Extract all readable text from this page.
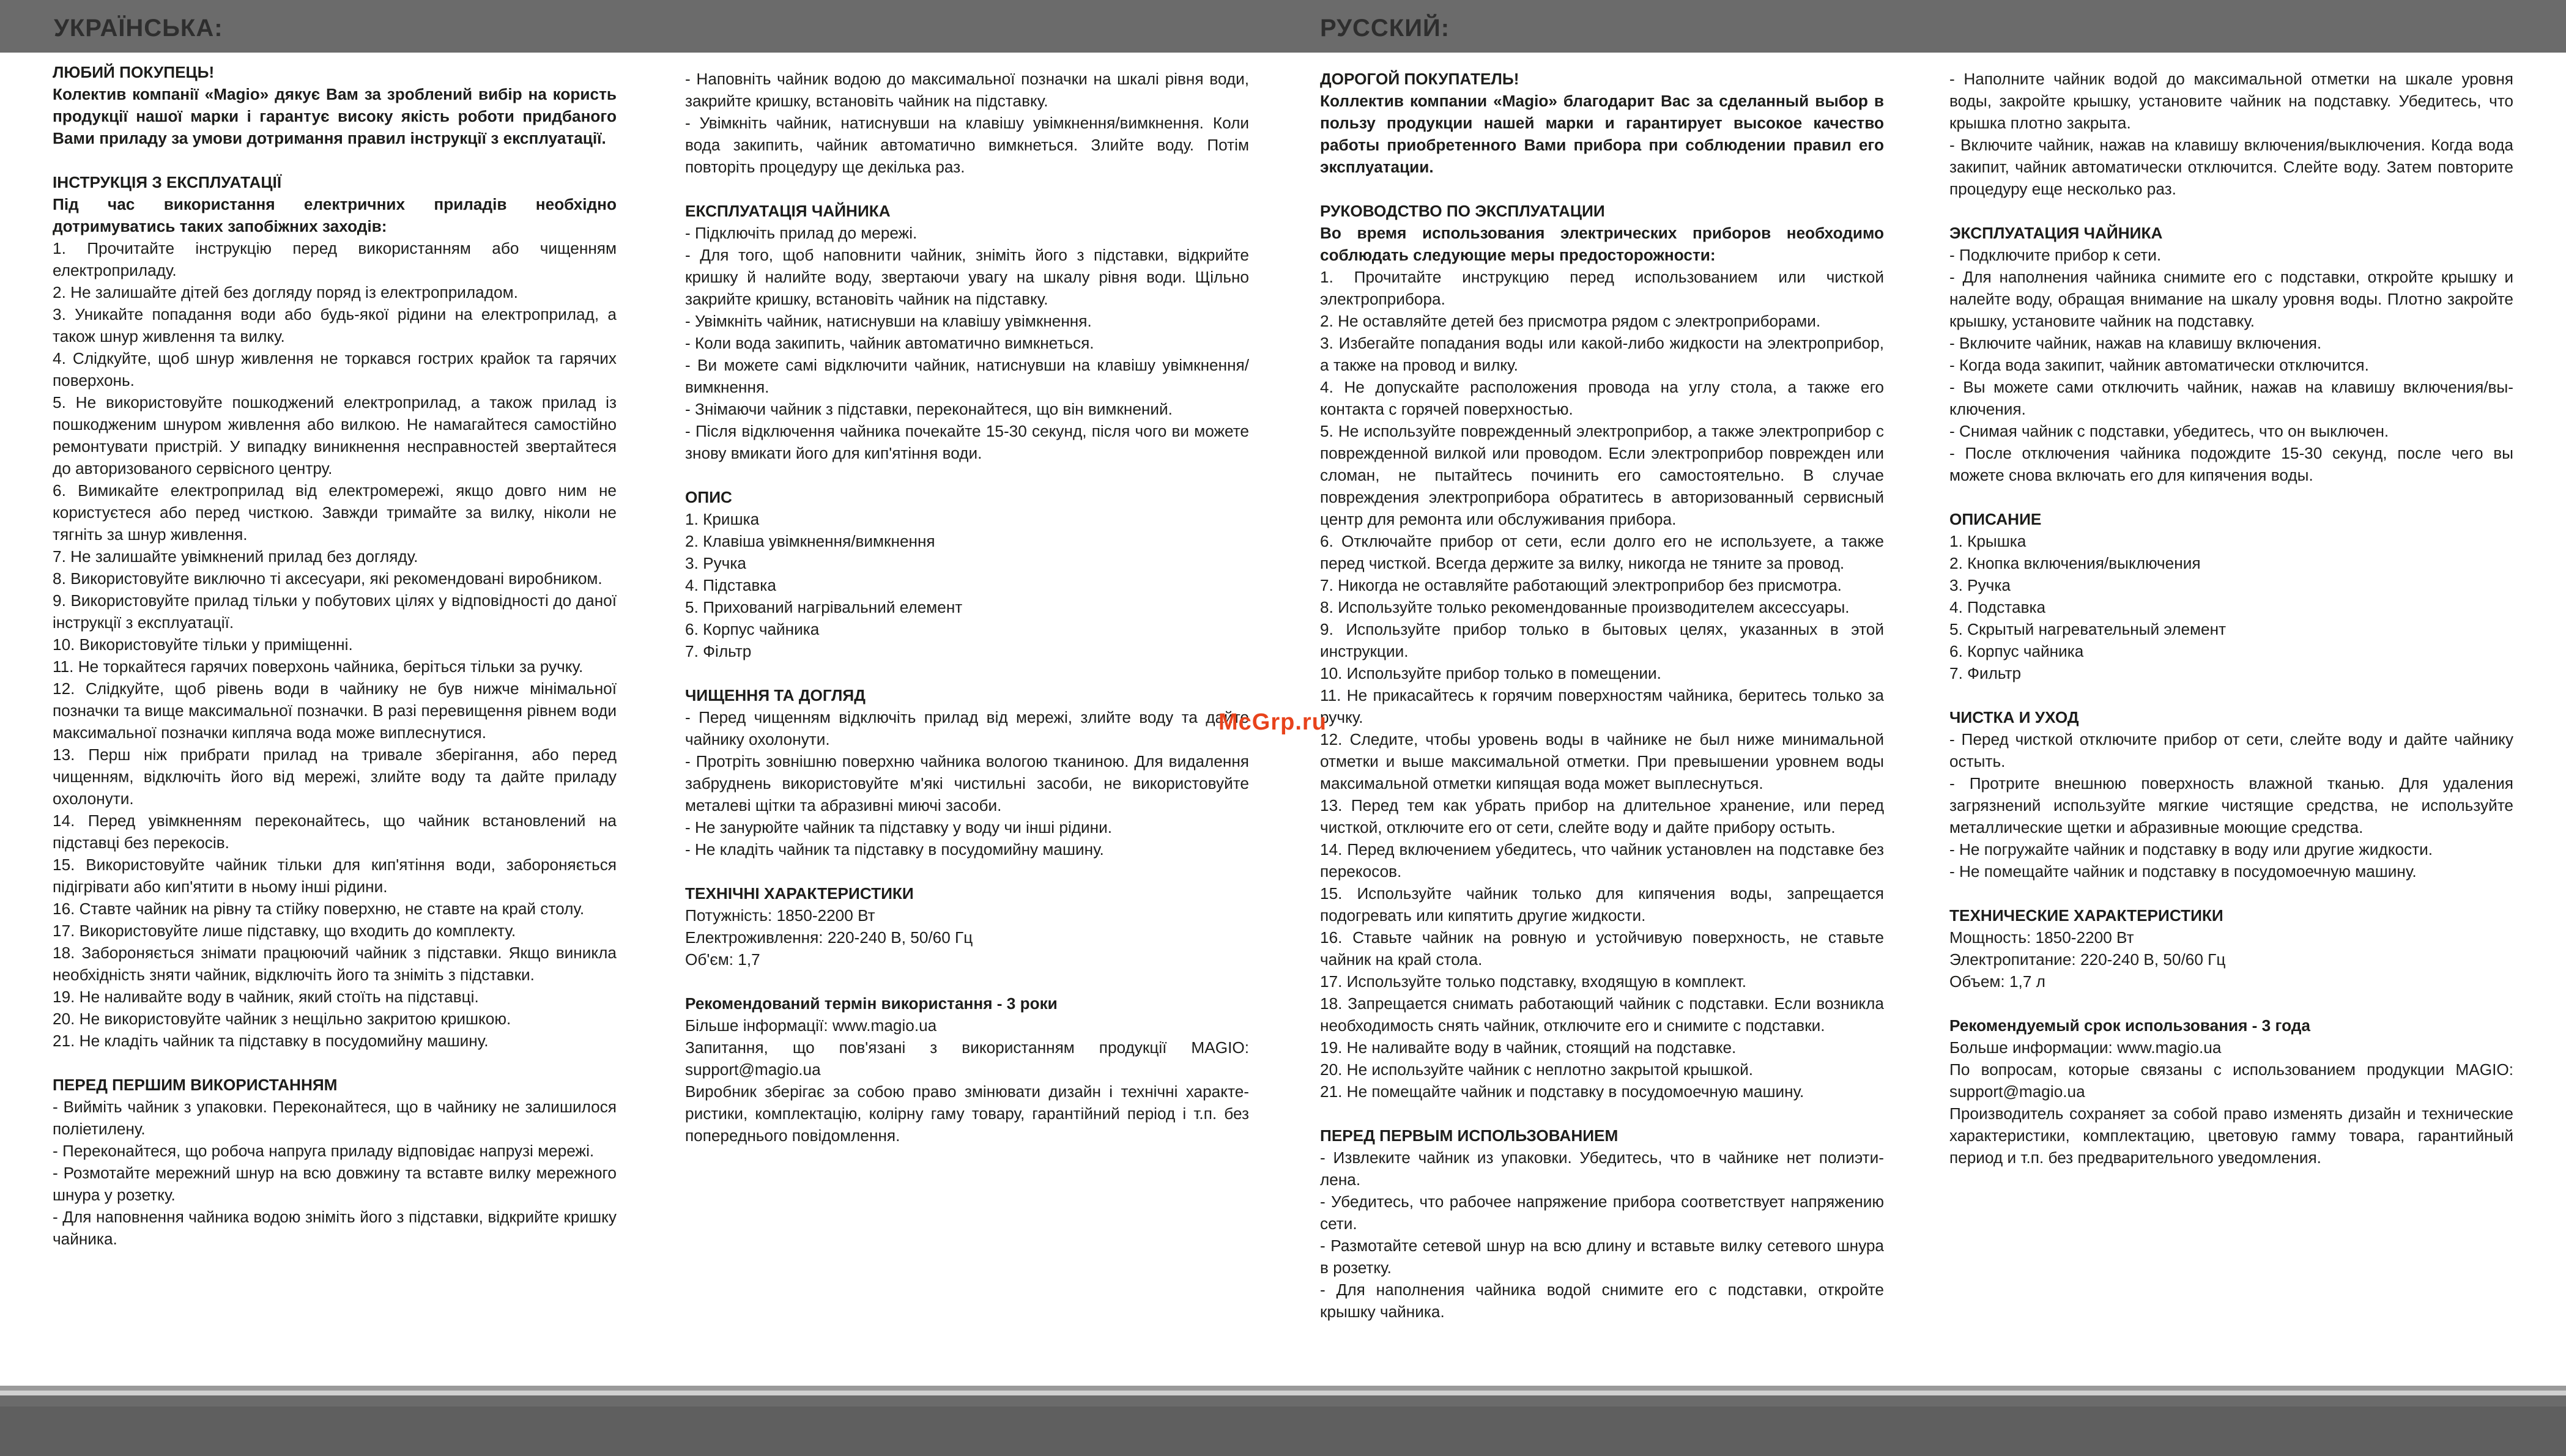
УКРАЇНСЬКА:	РУССКИЙ:

ЛЮБИЙ ПОКУПЕЦЬ!

Колектив компанії «Magio» дякує Вам за зроблений вибір на користь продукції нашої марки і гарантує високу якість роботи придбаного Вами приладу за умови дотримання правил інструкції з експлуатації.

ІНСТРУКЦІЯ З ЕКСПЛУАТАЦІЇ

Під час використання електричних приладів необхідно дотримуватись таких запобіжних заходів:

1. Прочитайте інструкцію перед використанням або чищенням електроприладу.

2. Не залишайте дітей без догляду поряд із електроприладом.

3. Уникайте попадання води або будь-якої рідини на електроприлад, а також шнур живлення та вилку.

4. Слідкуйте, щоб шнур живлення не торкався гострих крайок та гарячих поверхонь.

5. Не використовуйте пошкоджений електроприлад, а також прилад із пошкодженим шнуром живлення або вилкою. Не намагайтеся самостійно ремонтувати пристрій. У випадку виникнення несправностей звертайтеся до авторизованого сервісного центру.

6. Вимикайте електроприлад від електромережі, якщо довго ним не користуєтеся або перед чисткою. Завжди тримайте за вилку, ніколи не тягніть за шнур живлення.

7. Не залишайте увімкнений прилад без догляду.

8. Використовуйте виключно ті аксесуари, які рекомендовані виробником.

9. Використовуйте прилад тільки у побутових цілях у відповідності до даної інструкції з експлуатації.

10. Використовуйте тільки у приміщенні.

11. Не торкайтеся гарячих поверхонь чайника, беріться тільки за ручку.

12. Слідкуйте, щоб рівень води в чайнику не був нижче мінімальної позначки та вище максимальної позначки. В разі перевищення рівнем води максимальної позначки кипляча вода може виплеснутися.

13. Перш ніж прибрати прилад на тривале зберігання, або перед чищенням, відключіть його від мережі, злийте воду та дайте приладу охолонути.

14. Перед увімкненням переконайтесь, що чайник встановлений на підставці без перекосів.

15. Використовуйте чайник тільки для кип'ятіння води, забороняється підігрівати або кип'ятити в ньому інші рідини.

16. Ставте чайник на рівну та стійку поверхню, не ставте на край столу.

17. Використовуйте лише підставку, що входить до комплекту.

18. Забороняється знімати працюючий чайник з підставки. Якщо виникла необхідність зняти чайник, відключіть його та зніміть з підставки.

19. Не наливайте воду в чайник, який стоїть на підставці.

20. Не використовуйте чайник з нещільно закритою кришкою.

21. Не кладіть чайник та підставку в посудомийну машину.

ПЕРЕД ПЕРШИМ ВИКОРИСТАННЯМ

- Вийміть чайник з упаковки. Переконайтеся, що в чайнику не залишилося поліетилену.

- Переконайтеся, що робоча напруга приладу відповідає напрузі мережі.

- Розмотайте мережний шнур на всю довжину та вставте вилку мережного шнура у розетку.

- Для наповнення чайника водою зніміть його з підставки, відкрийте кришку чайника.

- Наповніть чайник водою до максимальної позначки на шкалі рівня води, закрийте кришку, встановіть чайник на підставку.

- Увімкніть чайник, натиснувши на клавішу увімкнення/вимкнення. Коли вода закипить, чайник автоматично вимкнеться. Злийте воду. Потім повторіть процедуру ще декілька раз.

ЕКСПЛУАТАЦІЯ ЧАЙНИКА

- Підключіть прилад до мережі.

- Для того, щоб наповнити чайник, зніміть його з підставки, відкрийте кришку й налийте воду, звертаючи увагу на шкалу рівня води. Щільно закрийте кришку, встановіть чайник на підставку.

- Увімкніть чайник, натиснувши на клавішу увімкнення.

- Коли вода закипить, чайник автоматично вимкнеться.

- Ви можете самі відключити чайник, натиснувши на клавішу увімкнення/вимкнення.

- Знімаючи чайник з підставки, переконайтеся, що він вимкнений.

- Після відключення чайника почекайте 15-30 секунд, після чого ви можете знову вмикати його для кип'ятіння води.

ОПИС

1. Кришка

2. Клавіша увімкнення/вимкнення

3. Ручка

4. Підставка

5. Прихований нагрівальний елемент

6. Корпус чайника

7. Фільтр

ЧИЩЕННЯ ТА ДОГЛЯД

- Перед чищенням відключіть прилад від мережі, злийте воду та дайте чайнику охолонути.

- Протріть зовнішню поверхню чайника вологою тканиною. Для видалення забруднень використовуйте м'які чистильні засоби, не використовуйте металеві щітки та абразивні миючі засоби.

- Не занурюйте чайник та підставку у воду чи інші рідини.

- Не кладіть чайник та підставку в посудомийну машину.

ТЕХНІЧНІ ХАРАКТЕРИСТИКИ

Потужність: 1850-2200 Вт

Електроживлення: 220-240 В, 50/60 Гц

Об'єм: 1,7

Рекомендований термін використання - 3 роки

Більше інформації: www.magio.ua

Запитання, що пов'язані з використанням продукції MAGIO: support@magio.ua

Виробник зберігає за собою право змінювати дизайн і технічні характеристики, комплектацію, колірну гаму товару, гарантійний період і т.п. без попереднього повідомлення.

ДОРОГОЙ ПОКУПАТЕЛЬ!

Коллектив компании «Magio» благодарит Вас за сделанный выбор в пользу продукции нашей марки и гарантирует высокое качество работы приобретенного Вами прибора при соблюдении правил его эксплуатации.

РУКОВОДСТВО ПО ЭКСПЛУАТАЦИИ

Во время использования электрических приборов необходимо соблюдать следующие меры предосторожности:

1. Прочитайте инструкцию перед использованием или чисткой электроприбора.

2. Не оставляйте детей без присмотра рядом с электроприборами.

3. Избегайте попадания воды или какой-либо жидкости на электроприбор, а также на провод и вилку.

4. Не допускайте расположения провода на углу стола, а также его контакта с горячей поверхностью.

5. Не используйте поврежденный электроприбор, а также электроприбор с поврежденной вилкой или проводом. Если электроприбор поврежден или сломан, не пытайтесь починить его самостоятельно. В случае повреждения электроприбора обратитесь в авторизованный сервисный центр для ремонта или обслуживания прибора.

6. Отключайте прибор от сети, если долго его не используете, а также перед чисткой. Всегда держите за вилку, никогда не тяните за провод.

7. Никогда не оставляйте работающий электроприбор без присмотра.

8. Используйте только рекомендованные производителем аксессуары.

9. Используйте прибор только в бытовых целях, указанных в этой инструкции.

10. Используйте прибор только в помещении.

11. Не прикасайтесь к горячим поверхностям чайника, беритесь только за ручку.

12. Следите, чтобы уровень воды в чайнике не был ниже минимальной отметки и выше максимальной отметки. При превышении уровнем воды максимальной отметки кипящая вода может выплеснуться.

13. Перед тем как убрать прибор на длительное хранение, или перед чисткой, отключите его от сети, слейте воду и дайте прибору остыть.

14. Перед включением убедитесь, что чайник установлен на подставке без перекосов.

15. Используйте чайник только для кипячения воды, запрещается подогревать или кипятить другие жидкости.

16. Ставьте чайник на ровную и устойчивую поверхность, не ставьте чайник на край стола.

17. Используйте только подставку, входящую в комплект.

18. Запрещается снимать работающий чайник с подставки. Если возникла необходимость снять чайник, отключите его и снимите с подставки.

19. Не наливайте воду в чайник, стоящий на подставке.

20. Не используйте чайник с неплотно закрытой крышкой.

21. Не помещайте чайник и подставку в посудомоечную машину.

ПЕРЕД ПЕРВЫМ ИСПОЛЬЗОВАНИЕМ

- Извлеките чайник из упаковки. Убедитесь, что в чайнике нет полиэтилена.

- Убедитесь, что рабочее напряжение прибора соответствует напряжению сети.

- Размотайте сетевой шнур на всю длину и вставьте вилку сетевого шнура в розетку.

- Для наполнения чайника водой снимите его с подставки, откройте крышку чайника.

- Наполните чайник водой до максимальной отметки на шкале уровня воды, закройте крышку, установите чайник на подставку. Убедитесь, что крышка плотно закрыта.

- Включите чайник, нажав на клавишу включения/выключения. Когда вода закипит, чайник автоматически отключится. Слейте воду. Затем повторите процедуру еще несколько раз.

ЭКСПЛУАТАЦИЯ ЧАЙНИКА

- Подключите прибор к сети.

- Для наполнения чайника снимите его с подставки, откройте крышку и налейте воду, обращая внимание на шкалу уровня воды. Плотно закройте крышку, установите чайник на подставку.

- Включите чайник, нажав на клавишу включения.

- Когда вода закипит, чайник автоматически отключится.

- Вы можете сами отключить чайник, нажав на клавишу включения/выключения.

- Снимая чайник с подставки, убедитесь, что он выключен.

- После отключения чайника подождите 15-30 секунд, после чего вы можете снова включать его для кипячения воды.

ОПИСАНИЕ

1. Крышка

2. Кнопка включения/выключения

3. Ручка

4. Подставка

5. Скрытый нагревательный элемент

6. Корпус чайника

7. Фильтр

ЧИСТКА И УХОД

- Перед чисткой отключите прибор от сети, слейте воду и дайте чайнику остыть.

- Протрите внешнюю поверхность влажной тканью. Для удаления загрязнений используйте мягкие чистящие средства, не используйте металлические щетки и абразивные моющие средства.

- Не погружайте чайник и подставку в воду или другие жидкости.

- Не помещайте чайник и подставку в посудомоечную машину.

ТЕХНИЧЕСКИЕ ХАРАКТЕРИСТИКИ

Мощность: 1850-2200 Вт

Электропитание: 220-240 В, 50/60 Гц

Объем: 1,7 л

Рекомендуемый срок использования - 3 года

Больше информации: www.magio.ua

По вопросам, которые связаны с использованием продукции MAGIO: support@magio.ua

Производитель сохраняет за собой право изменять дизайн и технические характеристики, комплектацию, цветовую гамму товара, гарантийный период и т.п. без предварительного уведомления.

McGrp.ru
